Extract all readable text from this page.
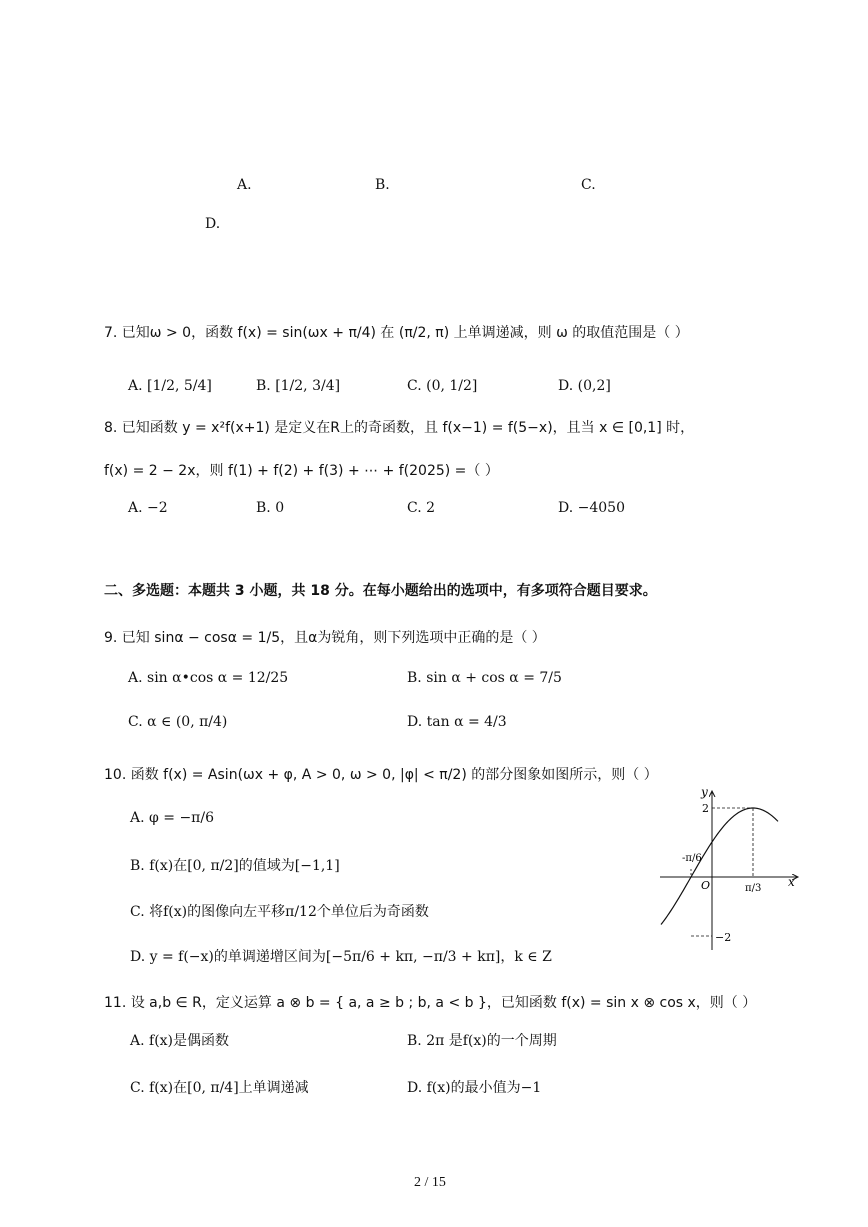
A.	B.	C.
D.
7. 已知ω > 0，函数 f(x) = sin(ωx + π/4) 在 (π/2, π) 上单调递减，则 ω 的取值范围是（ ）
A. [1/2, 5/4]	B. [1/2, 3/4]	C. (0, 1/2]	D. (0,2]
8. 已知函数 y = x²f(x+1) 是定义在R上的奇函数，且 f(x−1) = f(5−x)，且当 x ∈ [0,1] 时，
f(x) = 2 − 2x，则 f(1) + f(2) + f(3) + ⋯ + f(2025) =（ ）
A. −2	B. 0	C. 2	D. −4050
二、多选题：本题共 3 小题，共 18 分。在每小题给出的选项中，有多项符合题目要求。
9. 已知 sinα − cosα = 1/5，且α为锐角，则下列选项中正确的是（ ）
A. sin α•cos α = 12/25	B. sin α + cos α = 7/5
C. α ∈ (0, π/4)	D. tan α = 4/3
10. 函数 f(x) = Asin(ωx + φ, A > 0, ω > 0, |φ| < π/2) 的部分图象如图所示，则（ ）
A. φ = −π/6
B. f(x)在[0, π/2]的值域为[−1,1]
C. 将f(x)的图像向左平移π/12个单位后为奇函数
D. y = f(−x)的单调递增区间为[−5π/6 + kπ, −π/3 + kπ]，k ∈ Z
y
x
O
2
−2
-π/6
π/3
11. 设 a,b ∈ R，定义运算 a ⊗ b = { a, a ≥ b ; b, a < b }，已知函数 f(x) = sin x ⊗ cos x，则（ ）
A. f(x)是偶函数	B. 2π 是f(x)的一个周期
C. f(x)在[0, π/4]上单调递减	D. f(x)的最小值为−1
2 / 15
